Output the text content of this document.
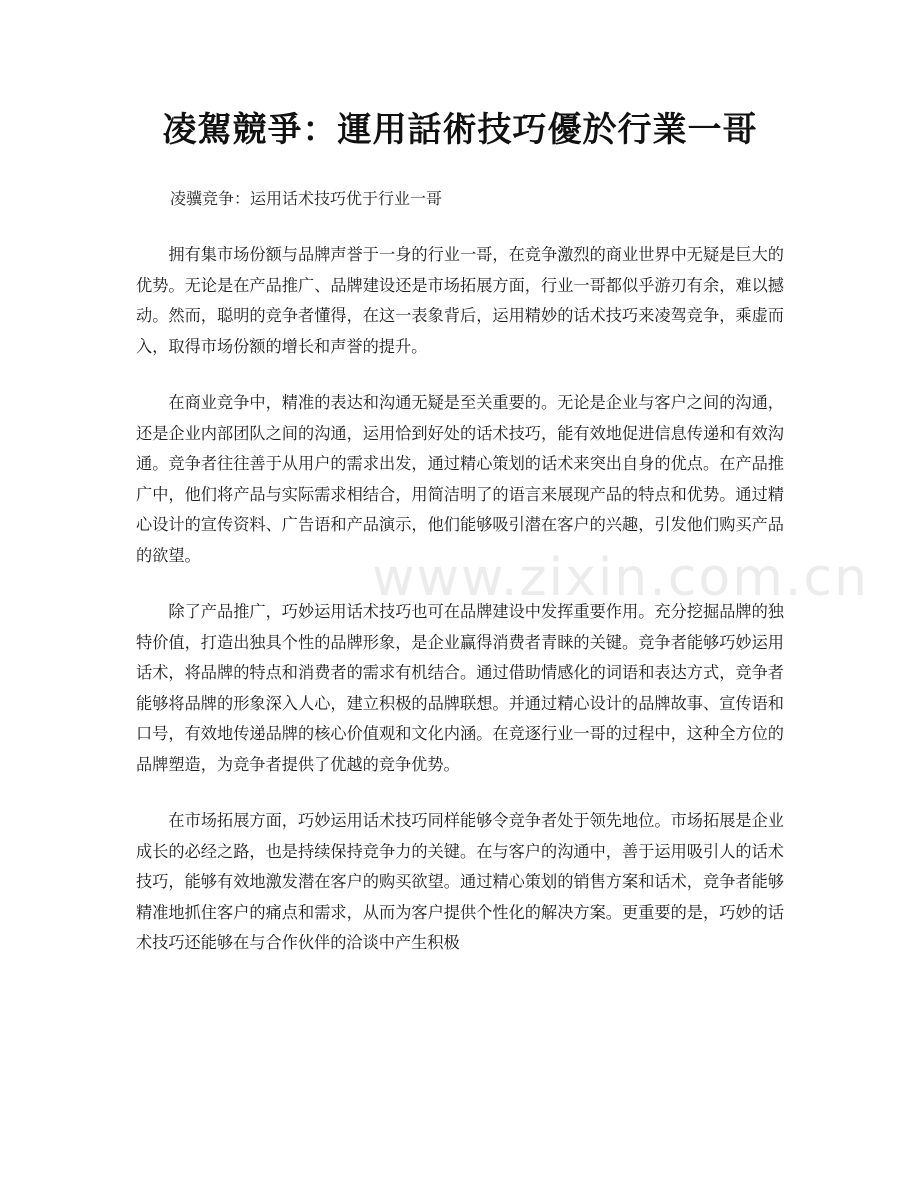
凌駕競爭：運用話術技巧優於行業一哥

凌骥竞争：运用话术技巧优于行业一哥

拥有集市场份额与品牌声誉于一身的行业一哥，在竞争激烈的商业世界中无疑是巨大的优势。无论是在产品推广、品牌建设还是市场拓展方面，行业一哥都似乎游刃有余，难以撼动。然而，聪明的竞争者懂得，在这一表象背后，运用精妙的话术技巧来凌驾竞争，乘虚而入，取得市场份额的增长和声誉的提升。

在商业竞争中，精准的表达和沟通无疑是至关重要的。无论是企业与客户之间的沟通，还是企业内部团队之间的沟通，运用恰到好处的话术技巧，能有效地促进信息传递和有效沟通。竞争者往往善于从用户的需求出发，通过精心策划的话术来突出自身的优点。在产品推广中，他们将产品与实际需求相结合，用简洁明了的语言来展现产品的特点和优势。通过精心设计的宣传资料、广告语和产品演示，他们能够吸引潜在客户的兴趣，引发他们购买产品的欲望。

除了产品推广，巧妙运用话术技巧也可在品牌建设中发挥重要作用。充分挖掘品牌的独特价值，打造出独具个性的品牌形象，是企业赢得消费者青睐的关键。竞争者能够巧妙运用话术，将品牌的特点和消费者的需求有机结合。通过借助情感化的词语和表达方式，竞争者能够将品牌的形象深入人心，建立积极的品牌联想。并通过精心设计的品牌故事、宣传语和口号，有效地传递品牌的核心价值观和文化内涵。在竞逐行业一哥的过程中，这种全方位的品牌塑造，为竞争者提供了优越的竞争优势。

在市场拓展方面，巧妙运用话术技巧同样能够令竞争者处于领先地位。市场拓展是企业成长的必经之路，也是持续保持竞争力的关键。在与客户的沟通中，善于运用吸引人的话术技巧，能够有效地激发潜在客户的购买欲望。通过精心策划的销售方案和话术，竞争者能够精准地抓住客户的痛点和需求，从而为客户提供个性化的解决方案。更重要的是，巧妙的话术技巧还能够在与合作伙伴的洽谈中产生积极

www.zixin.com.cn
